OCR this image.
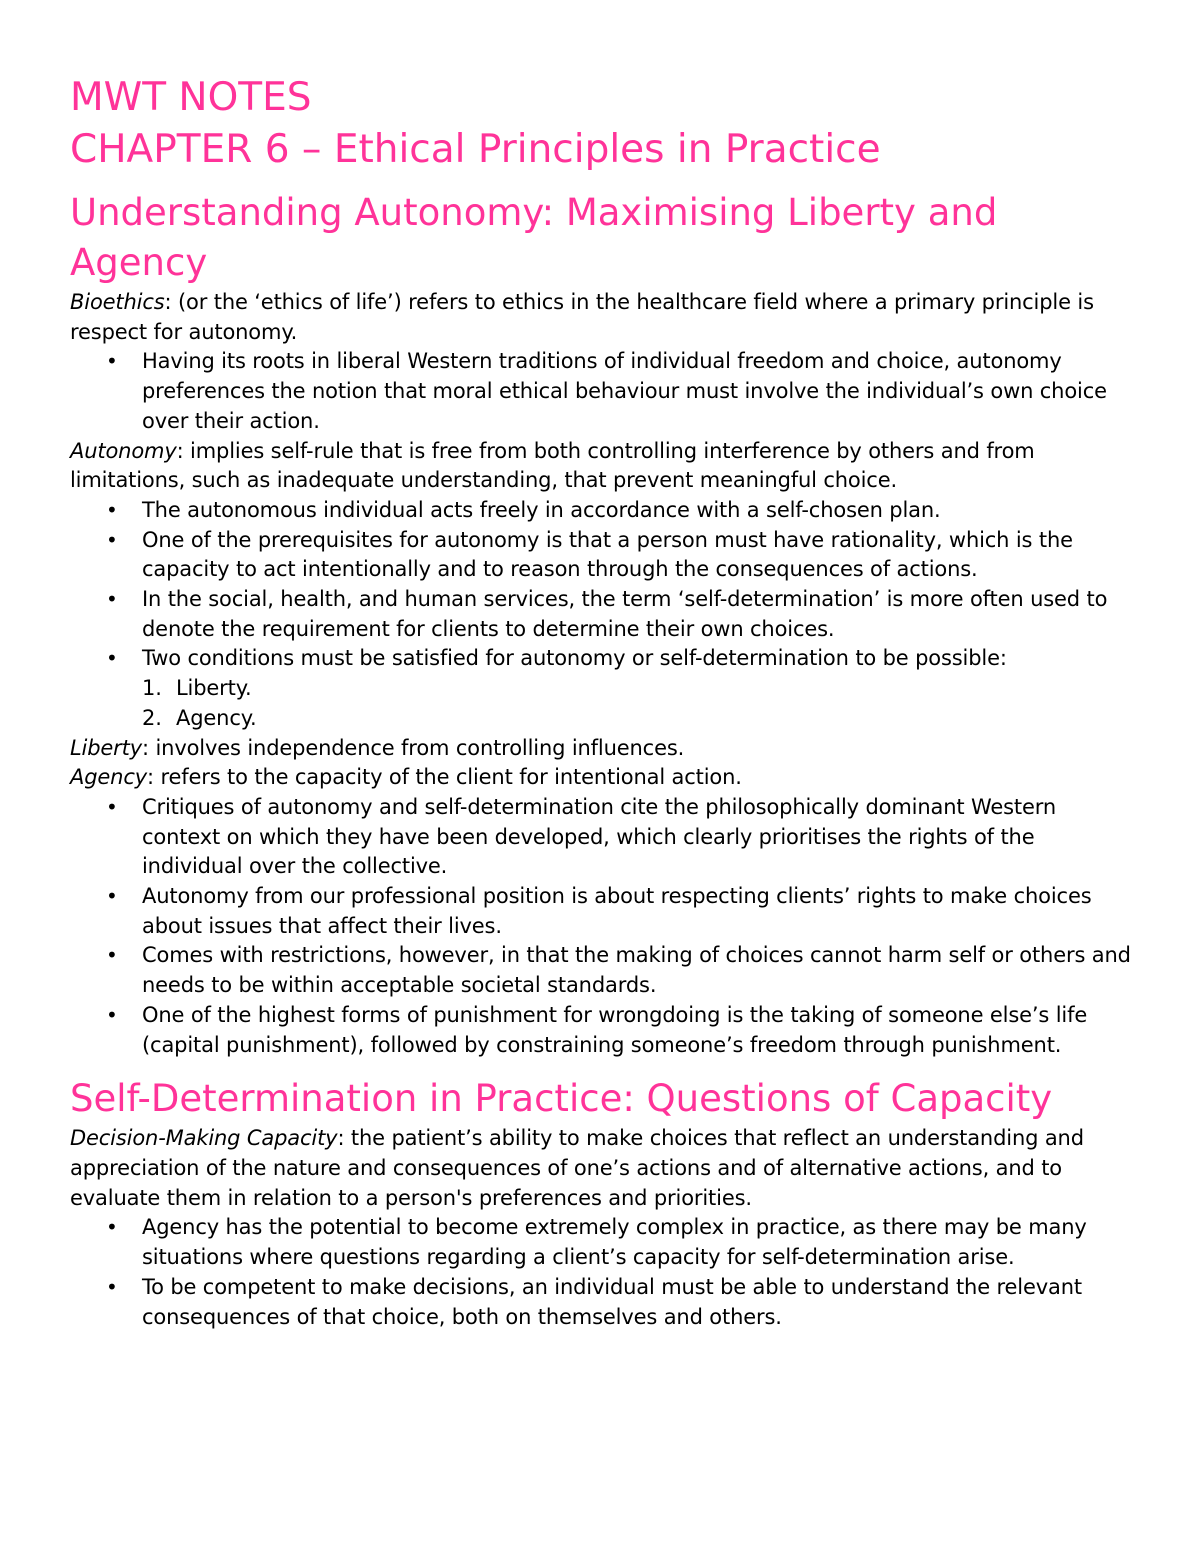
MWT NOTES
CHAPTER 6 – Ethical Principles in Practice
Understanding Autonomy: Maximising Liberty and Agency

Bioethics: (or the ‘ethics of life’) refers to ethics in the healthcare field where a primary principle is respect for autonomy.

• Having its roots in liberal Western traditions of individual freedom and choice, autonomy preferences the notion that moral ethical behaviour must involve the individual’s own choice over their action.

Autonomy: implies self-rule that is free from both controlling interference by others and from limitations, such as inadequate understanding, that prevent meaningful choice.

• The autonomous individual acts freely in accordance with a self-chosen plan.
• One of the prerequisites for autonomy is that a person must have rationality, which is the capacity to act intentionally and to reason through the consequences of actions.
• In the social, health, and human services, the term ‘self-determination’ is more often used to denote the requirement for clients to determine their own choices.
• Two conditions must be satisfied for autonomy or self-determination to be possible:
1. Liberty.
2. Agency.

Liberty: involves independence from controlling influences.

Agency: refers to the capacity of the client for intentional action.

• Critiques of autonomy and self-determination cite the philosophically dominant Western context on which they have been developed, which clearly prioritises the rights of the individual over the collective.
• Autonomy from our professional position is about respecting clients’ rights to make choices about issues that affect their lives.
• Comes with restrictions, however, in that the making of choices cannot harm self or others and needs to be within acceptable societal standards.
• One of the highest forms of punishment for wrongdoing is the taking of someone else’s life (capital punishment), followed by constraining someone’s freedom through punishment.
Self-Determination in Practice: Questions of Capacity

Decision-Making Capacity: the patient’s ability to make choices that reflect an understanding and appreciation of the nature and consequences of one’s actions and of alternative actions, and to evaluate them in relation to a person's preferences and priorities.

• Agency has the potential to become extremely complex in practice, as there may be many situations where questions regarding a client’s capacity for self-determination arise.
• To be competent to make decisions, an individual must be able to understand the relevant consequences of that choice, both on themselves and others.
